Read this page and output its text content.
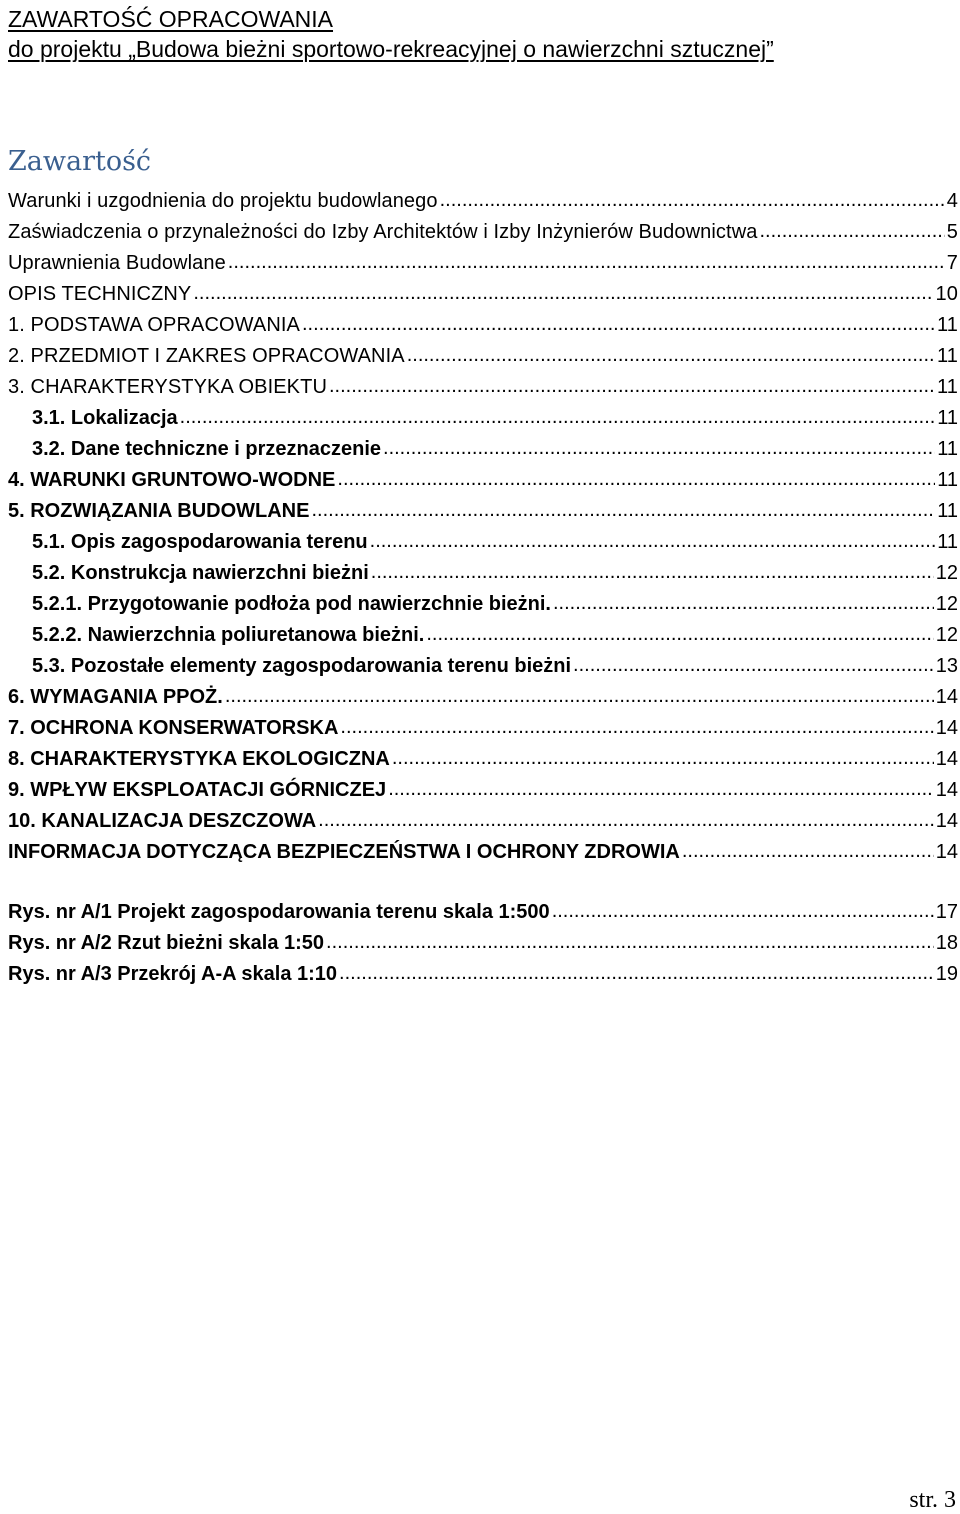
ZAWARTOŚĆ OPRACOWANIA
do projektu „Budowa bieżni sportowo-rekreacyjnej o nawierzchni sztucznej”
Zawartość
Warunki i uzgodnienia do projektu budowlanego .....	4
Zaświadczenia o przynależności do Izby Architektów i Izby Inżynierów Budownictwa .....	5
Uprawnienia Budowlane .....	7
OPIS TECHNICZNY .....	10
1. PODSTAWA OPRACOWANIA .....	11
2. PRZEDMIOT I ZAKRES OPRACOWANIA .....	11
3. CHARAKTERYSTYKA OBIEKTU .....	11
3.1. Lokalizacja .....	11
3.2. Dane techniczne i przeznaczenie .....	11
4. WARUNKI GRUNTOWO-WODNE .....	11
5. ROZWIĄZANIA BUDOWLANE .....	11
5.1. Opis zagospodarowania terenu .....	11
5.2. Konstrukcja nawierzchni bieżni .....	12
5.2.1. Przygotowanie podłoża pod nawierzchnie bieżni. .....	12
5.2.2. Nawierzchnia poliuretanowa bieżni. .....	12
5.3. Pozostałe elementy zagospodarowania terenu bieżni .....	13
6. WYMAGANIA PPOŻ. .....	14
7. OCHRONA KONSERWATORSKA .....	14
8. CHARAKTERYSTYKA EKOLOGICZNA .....	14
9. WPŁYW EKSPLOATACJI GÓRNICZEJ .....	14
10. KANALIZACJA DESZCZOWA .....	14
INFORMACJA DOTYCZĄCA BEZPIECZEŃSTWA I OCHRONY ZDROWIA .....	14
Rys. nr A/1 Projekt zagospodarowania terenu skala 1:500 .....	17
Rys. nr A/2 Rzut bieżni skala 1:50 .....	18
Rys. nr A/3 Przekrój A-A skala 1:10 .....	19
str. 3
